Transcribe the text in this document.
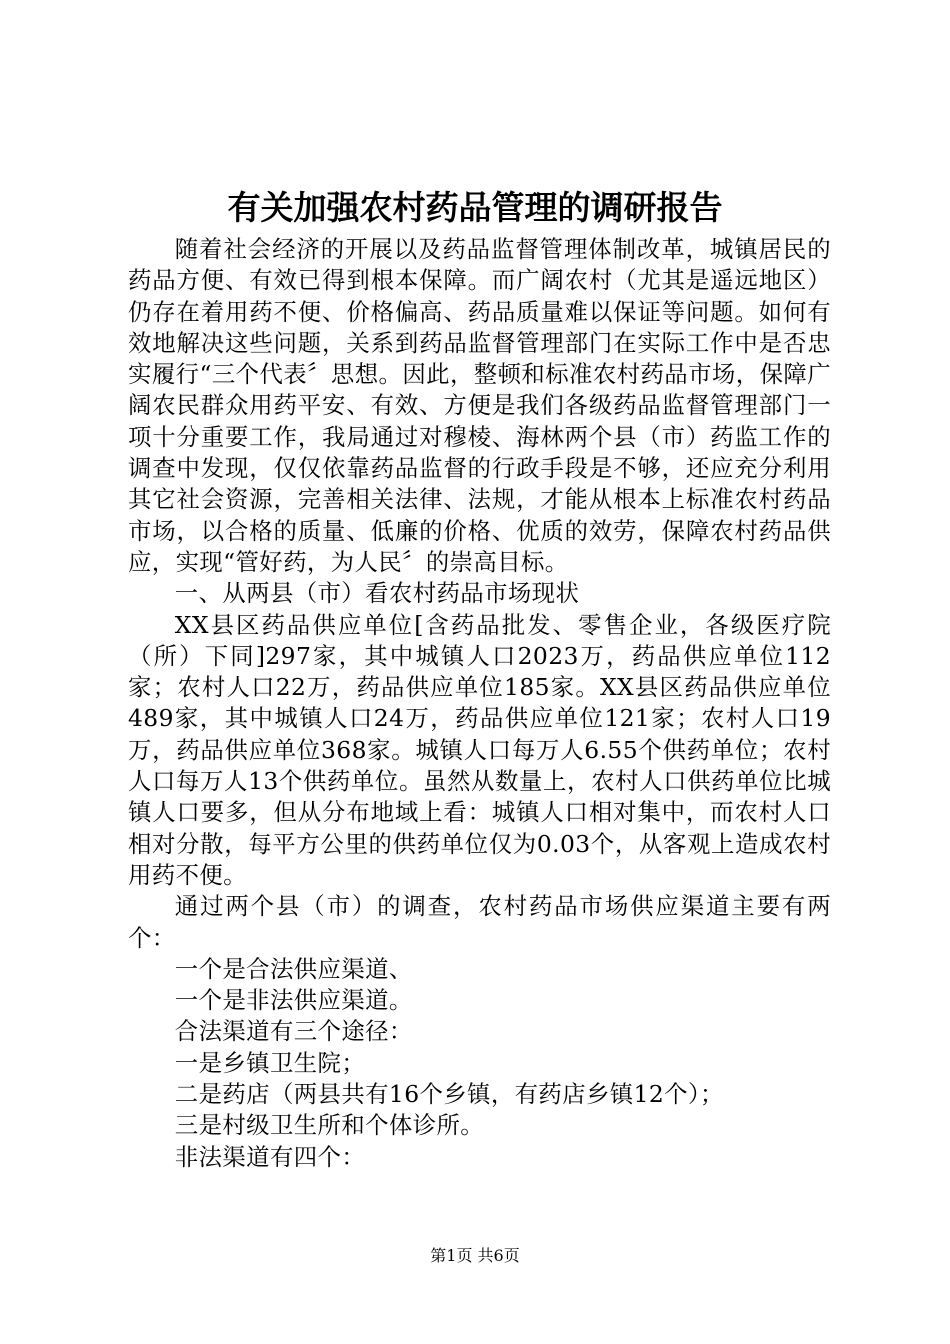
有关加强农村药品管理的调研报告

随着社会经济的开展以及药品监督管理体制改革，城镇居民的药品方便、有效已得到根本保障。而广阔农村（尤其是遥远地区）仍存在着用药不便、价格偏高、药品质量难以保证等问题。如何有效地解决这些问题，关系到药品监督管理部门在实际工作中是否忠实履行“三个代表〞思想。因此，整顿和标准农村药品市场，保障广阔农民群众用药平安、有效、方便是我们各级药品监督管理部门一项十分重要工作，我局通过对穆棱、海林两个县（市）药监工作的调查中发现，仅仅依靠药品监督的行政手段是不够，还应充分利用其它社会资源，完善相关法律、法规，才能从根本上标准农村药品市场，以合格的质量、低廉的价格、优质的效劳，保障农村药品供应，实现“管好药，为人民〞的崇高目标。

一、从两县（市）看农村药品市场现状

XX县区药品供应单位[含药品批发、零售企业，各级医疗院（所）下同]297家，其中城镇人口2023万，药品供应单位112家；农村人口22万，药品供应单位185家。XX县区药品供应单位489家，其中城镇人口24万，药品供应单位121家；农村人口19万，药品供应单位368家。城镇人口每万人6.55个供药单位；农村人口每万人13个供药单位。虽然从数量上，农村人口供药单位比城镇人口要多，但从分布地域上看：城镇人口相对集中，而农村人口相对分散，每平方公里的供药单位仅为0.03个，从客观上造成农村用药不便。

通过两个县（市）的调查，农村药品市场供应渠道主要有两个：

一个是合法供应渠道、

一个是非法供应渠道。

合法渠道有三个途径：

一是乡镇卫生院；

二是药店（两县共有16个乡镇，有药店乡镇12个）；

三是村级卫生所和个体诊所。

非法渠道有四个：

第1页 共6页
